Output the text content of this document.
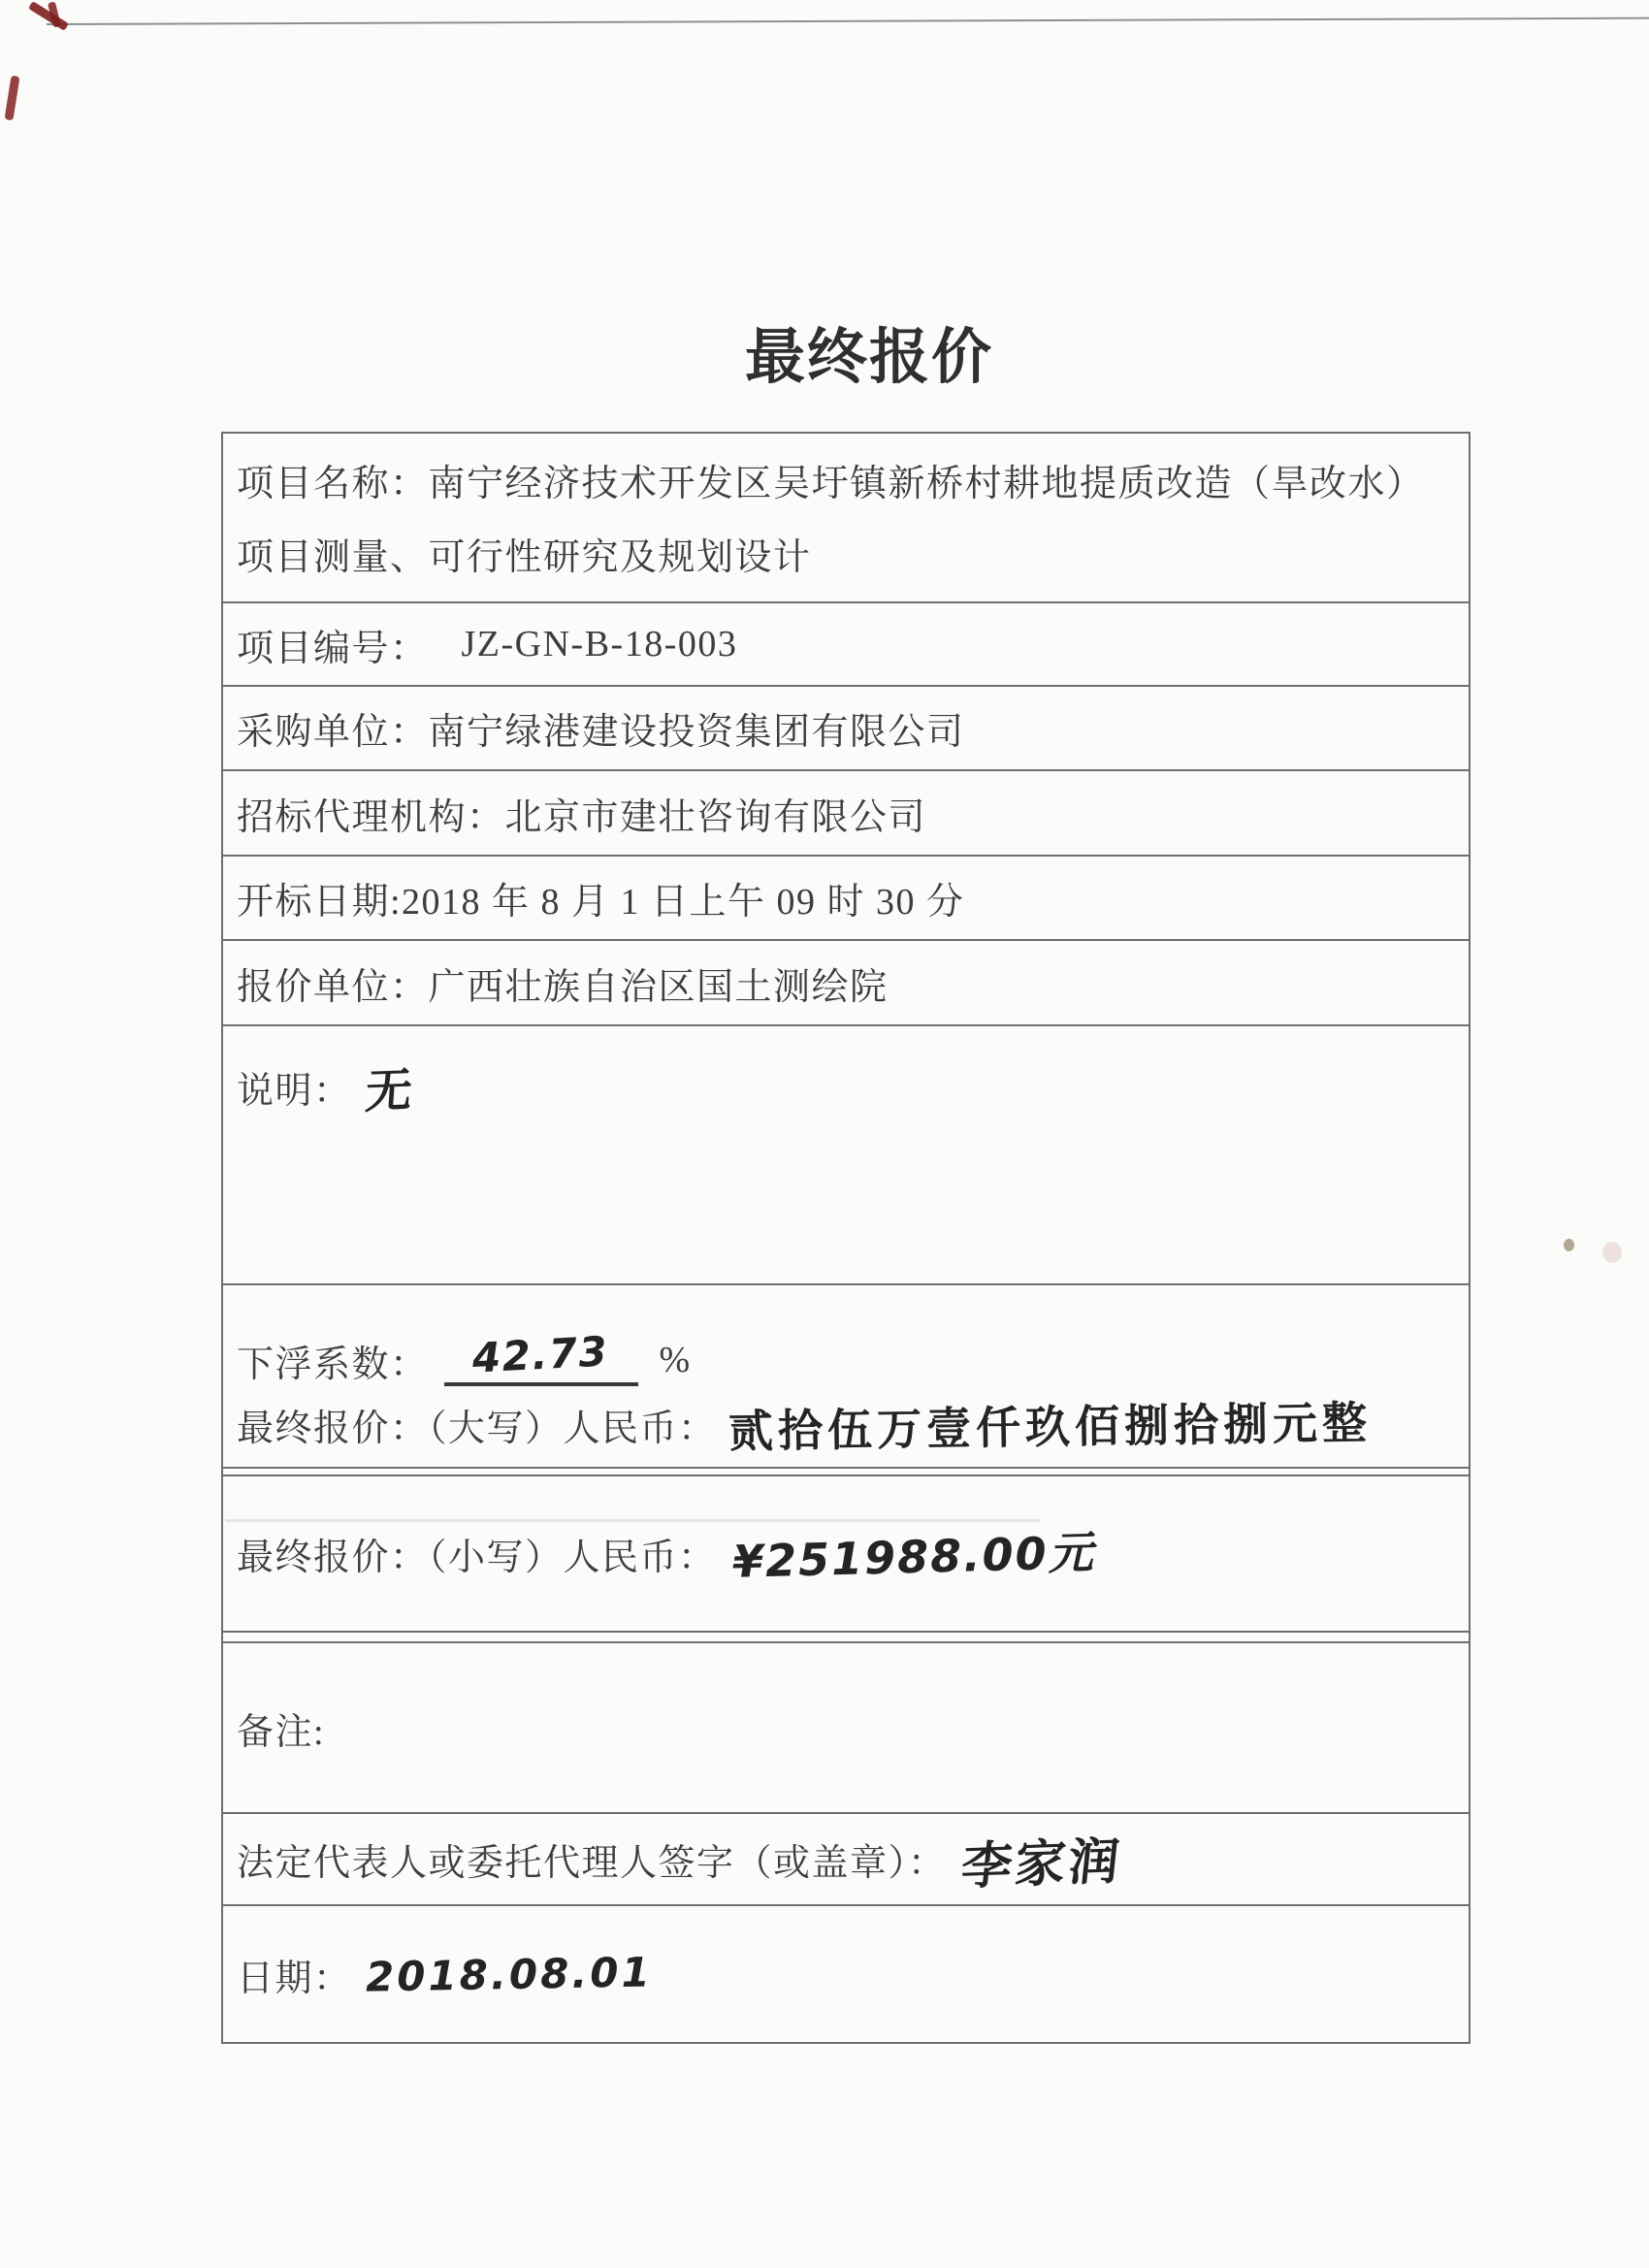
最终报价
项目名称：南宁经济技术开发区吴圩镇新桥村耕地提质改造（旱改水）
项目测量、可行性研究及规划设计
项目编号： JZ-GN-B-18-003
采购单位： 南宁绿港建设投资集团有限公司
招标代理机构： 北京市建壮咨询有限公司
开标日期:2018 年 8 月 1 日上午 09 时 30 分
报价单位： 广西壮族自治区国土测绘院
说明： 无
下浮系数：	42.73	%
最终报价：（大写）人民币： 贰拾伍万壹仟玖佰捌拾捌元整
最终报价：（小写）人民币： ¥251988.00元
备注:
法定代表人或委托代理人签字（或盖章）： 李家润
日期： 2018.08.01
